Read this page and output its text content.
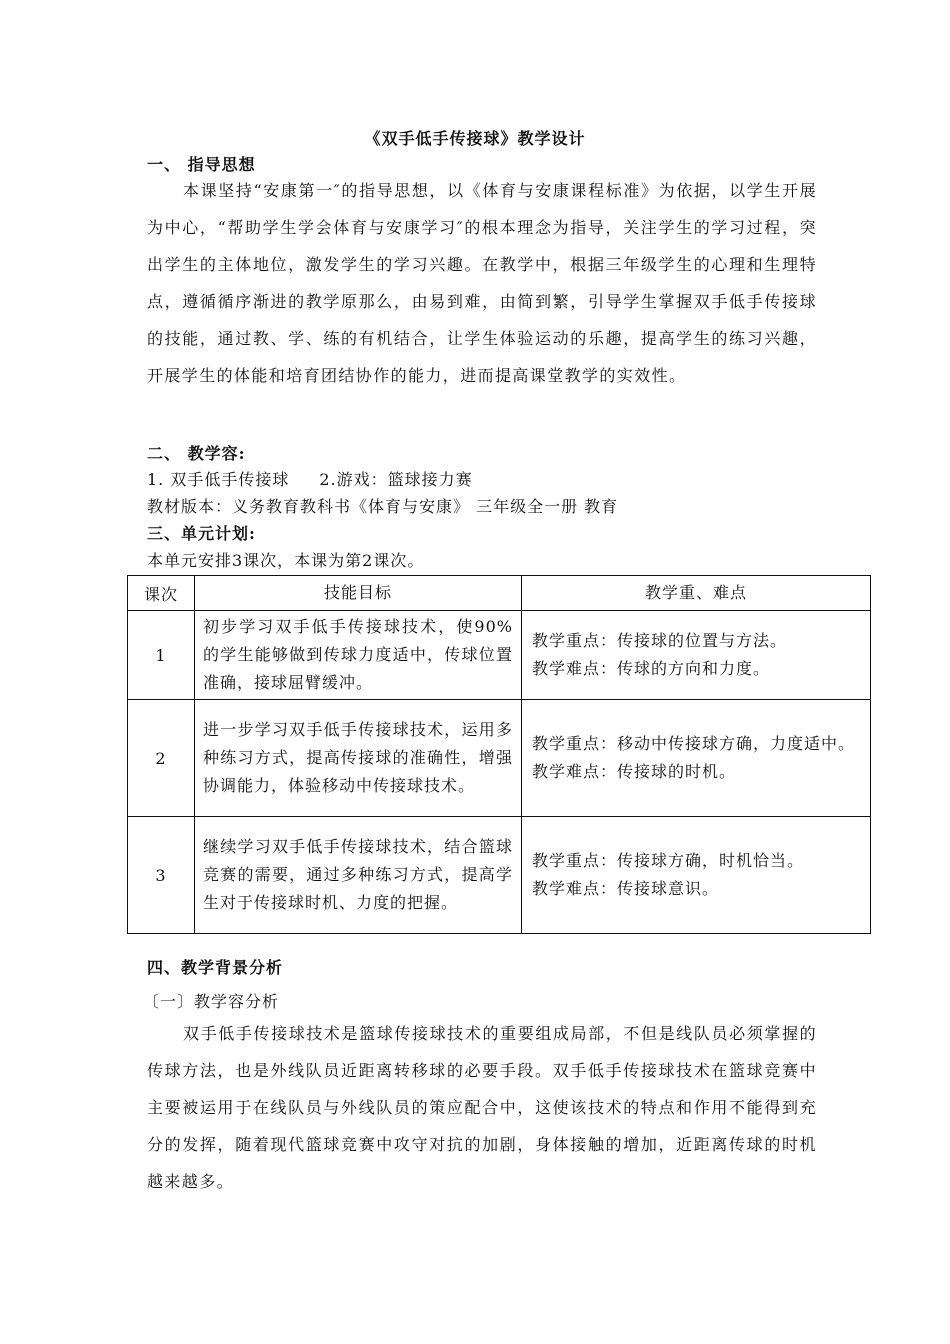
《双手低手传接球》教学设计
一、 指导思想
本课坚持“安康第一″的指导思想，以《体育与安康课程标准》为依据，以学生开展为中心，“帮助学生学会体育与安康学习″的根本理念为指导，关注学生的学习过程，突出学生的主体地位，激发学生的学习兴趣。在教学中，根据三年级学生的心理和生理特点，遵循循序渐进的教学原那么，由易到难，由简到繁，引导学生掌握双手低手传接球的技能，通过教、学、练的有机结合，让学生体验运动的乐趣，提高学生的练习兴趣，开展学生的体能和培育团结协作的能力，进而提高课堂教学的实效性。
二、 教学容:
1. 双手低手传接球 2.游戏：篮球接力赛
教材版本：义务教育教科书《体育与安康》 三年级全一册 教育
三、单元计划:
本单元安排3课次，本课为第2课次。
课次	技能目标	教学重、难点
1	初步学习双手低手传接球技术，使90%的学生能够做到传球力度适中，传球位置准确，接球屈臂缓冲。	教学重点：传接球的位置与方法。
教学难点：传球的方向和力度。

2	进一步学习双手低手传接球技术，运用多种练习方式，提高传接球的准确性，增强协调能力，体验移动中传接球技术。	教学重点：移动中传接球方确，力度适中。
教学难点：传接球的时机。

3	继续学习双手低手传接球技术，结合篮球竞赛的需要，通过多种练习方式，提高学生对于传接球时机、力度的把握。	教学重点：传接球方确，时机恰当。
教学难点：传接球意识。
四、教学背景分析
〔一〕教学容分析
双手低手传接球技术是篮球传接球技术的重要组成局部，不但是线队员必须掌握的传球方法，也是外线队员近距离转移球的必要手段。双手低手传接球技术在篮球竞赛中主要被运用于在线队员与外线队员的策应配合中，这使该技术的特点和作用不能得到充分的发挥，随着现代篮球竞赛中攻守对抗的加剧，身体接触的增加，近距离传球的时机越来越多。
